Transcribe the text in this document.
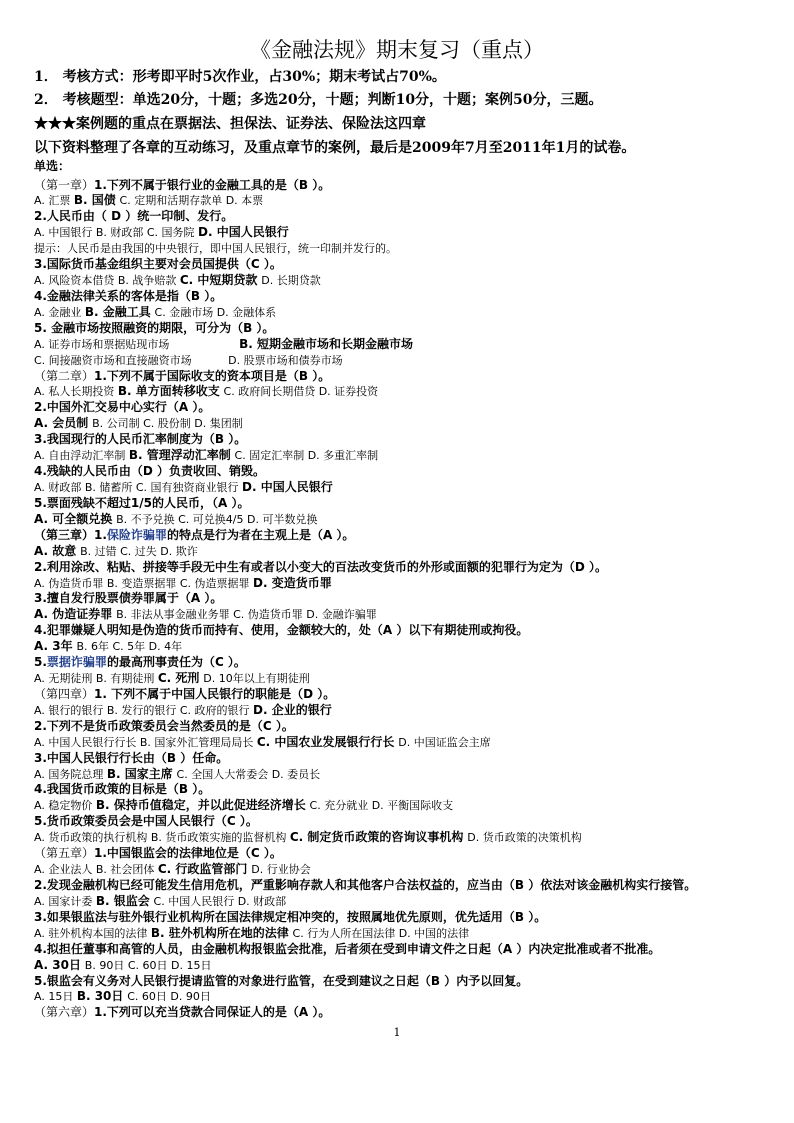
《金融法规》期末复习（重点）
1． 考核方式：形考即平时5次作业，占30%；期末考试占70%。
2． 考核题型：单选20分，十题；多选20分，十题；判断10分，十题；案例50分，三题。
★★★案例题的重点在票据法、担保法、证券法、保险法这四章
以下资料整理了各章的互动练习，及重点章节的案例，最后是2009年7月至2011年1月的试卷。
单选：
（第一章）1.下列不属于银行业的金融工具的是（B ）。
A. 汇票 B. 国债 C. 定期和活期存款单 D. 本票
2.人民币由（ D ）统一印制、发行。
A. 中国银行 B. 财政部 C. 国务院 D. 中国人民银行
提示：人民币是由我国的中央银行，即中国人民银行，统一印制并发行的。
3.国际货币基金组织主要对会员国提供（C ）。
A. 风险资本借贷 B. 战争赔款 C. 中短期贷款 D. 长期贷款
4.金融法律关系的客体是指（B ）。
A. 金融业 B. 金融工具 C. 金融市场 D. 金融体系
5. 金融市场按照融资的期限，可分为（B ）。
A. 证券市场和票据贴现市场　　　　　　 B. 短期金融市场和长期金融市场
C. 间接融资市场和直接融资市场　　　 D. 股票市场和债券市场
（第二章）1.下列不属于国际收支的资本项目是（B ）。
A. 私人长期投资 B. 单方面转移收支 C. 政府间长期借贷 D. 证券投资
2.中国外汇交易中心实行（A ）。
A. 会员制 B. 公司制 C. 股份制 D. 集团制
3.我国现行的人民币汇率制度为（B ）。
A. 自由浮动汇率制 B. 管理浮动汇率制 C. 固定汇率制 D. 多重汇率制
4.残缺的人民币由（D ）负责收回、销毁。
A. 财政部 B. 储蓄所 C. 国有独资商业银行 D. 中国人民银行
5.票面残缺不超过1/5的人民币，（A ）。
A. 可全额兑换 B. 不予兑换 C. 可兑换4/5 D. 可半数兑换
（第三章）1.保险诈骗罪的特点是行为者在主观上是（A ）。
A. 故意 B. 过错 C. 过失 D. 欺诈
2.利用涂改、粘贴、拼接等手段无中生有或者以小变大的百法改变货币的外形或面额的犯罪行为定为（D ）。
A. 伪造货币罪 B. 变造票据罪 C. 伪造票据罪 D. 变造货币罪
3.擅自发行股票债券罪属于（A ）。
A. 伪造证券罪 B. 非法从事金融业务罪 C. 伪造货币罪 D. 金融诈骗罪
4.犯罪嫌疑人明知是伪造的货币而持有、使用，金额较大的，处（A ）以下有期徒刑或拘役。
A. 3年 B. 6年 C. 5年 D. 4年
5.票据诈骗罪的最高刑事责任为（C ）。
A. 无期徒刑 B. 有期徒刑 C. 死刑 D. 10年以上有期徒刑
（第四章）1. 下列不属于中国人民银行的职能是（D ）。
A. 银行的银行 B. 发行的银行 C. 政府的银行 D. 企业的银行
2.下列不是货币政策委员会当然委员的是（C ）。
A. 中国人民银行行长 B. 国家外汇管理局局长 C. 中国农业发展银行行长 D. 中国证监会主席
3.中国人民银行行长由（B ）任命。
A. 国务院总理 B. 国家主席 C. 全国人大常委会 D. 委员长
4.我国货币政策的目标是（B ）。
A. 稳定物价 B. 保持币值稳定，并以此促进经济增长 C. 充分就业 D. 平衡国际收支
5.货币政策委员会是中国人民银行（C ）。
A. 货币政策的执行机构 B. 货币政策实施的监督机构 C. 制定货币政策的咨询议事机构 D. 货币政策的决策机构
（第五章）1.中国银监会的法律地位是（C ）。
A. 企业法人 B. 社会团体 C. 行政监管部门 D. 行业协会
2.发现金融机构已经可能发生信用危机，严重影响存款人和其他客户合法权益的，应当由（B ）依法对该金融机构实行接管。
A. 国家计委 B. 银监会 C. 中国人民银行 D. 财政部
3.如果银监法与驻外银行业机构所在国法律规定相冲突的，按照属地优先原则，优先适用（B ）。
A. 驻外机构本国的法律 B. 驻外机构所在地的法律 C. 行为人所在国法律 D. 中国的法律
4.拟担任董事和高管的人员，由金融机构报银监会批准，后者须在受到申请文件之日起（A ）内决定批准或者不批准。
A. 30日 B. 90日 C. 60日 D. 15日
5.银监会有义务对人民银行提请监管的对象进行监管，在受到建议之日起（B ）内予以回复。
A. 15日 B. 30日 C. 60日 D. 90日
（第六章）1.下列可以充当贷款合同保证人的是（A ）。
1
